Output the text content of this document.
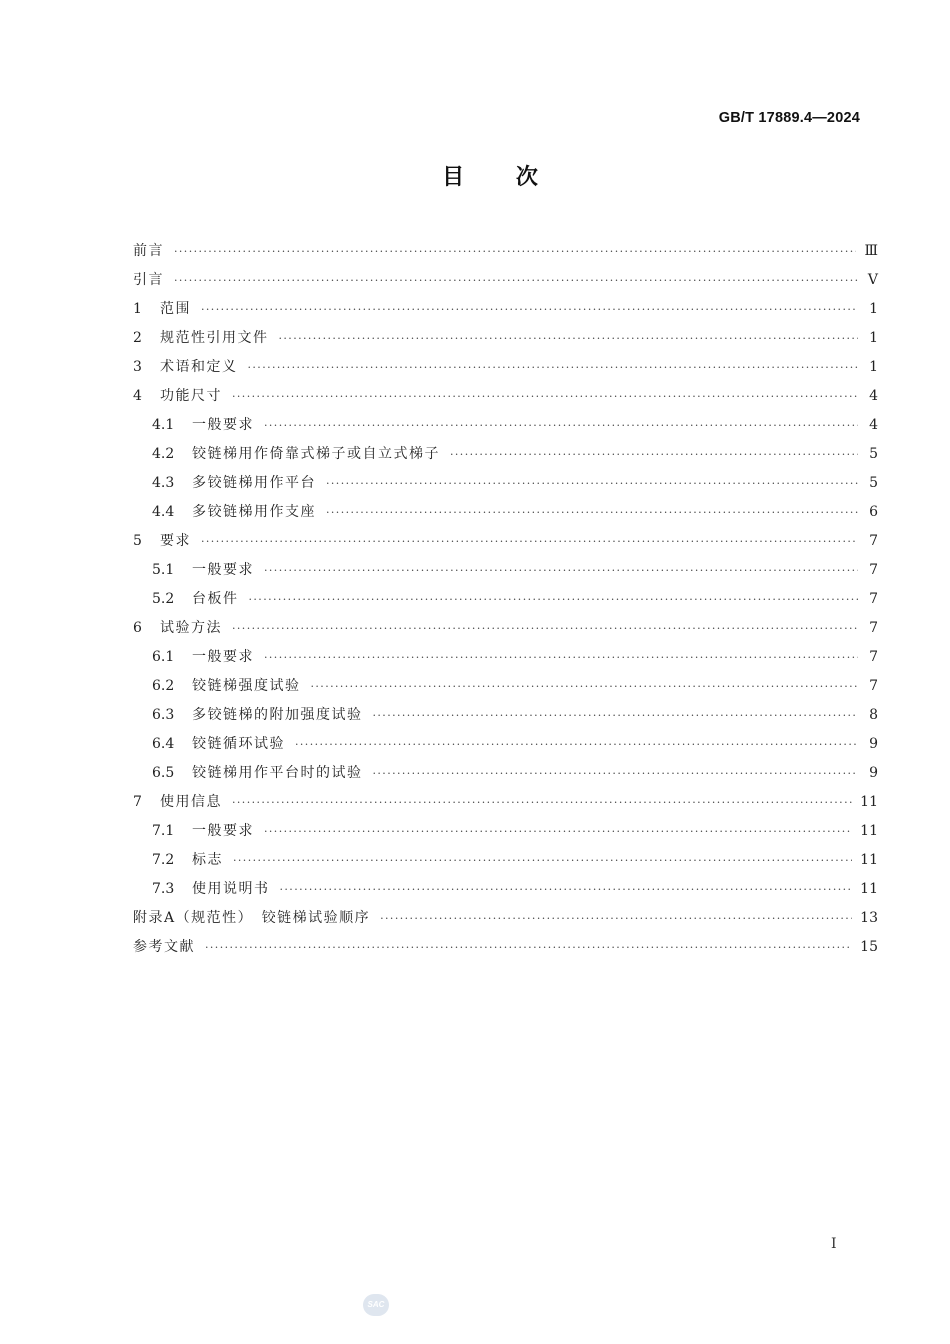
GB/T 17889.4—2024
目 次
前言 ·····	Ⅲ
引言 ·····	Ⅴ
1	范围 ·····	1
2	规范性引用文件 ·····	1
3	术语和定义 ·····	1
4	功能尺寸 ·····	4
4.1	一般要求 ·····	4
4.2	铰链梯用作倚靠式梯子或自立式梯子 ·····	5
4.3	多铰链梯用作平台 ·····	5
4.4	多铰链梯用作支座 ·····	6
5	要求 ·····	7
5.1	一般要求 ·····	7
5.2	台板件 ·····	7
6	试验方法 ·····	7
6.1	一般要求 ·····	7
6.2	铰链梯强度试验 ·····	7
6.3	多铰链梯的附加强度试验 ·····	8
6.4	铰链循环试验 ·····	9
6.5	铰链梯用作平台时的试验 ·····	9
7	使用信息 ·····	11
7.1	一般要求 ·····	11
7.2	标志 ·····	11
7.3	使用说明书 ·····	11
附录A（规范性）　铰链梯试验顺序 ·····	13
参考文献 ·····	15
Ⅰ
SAC
